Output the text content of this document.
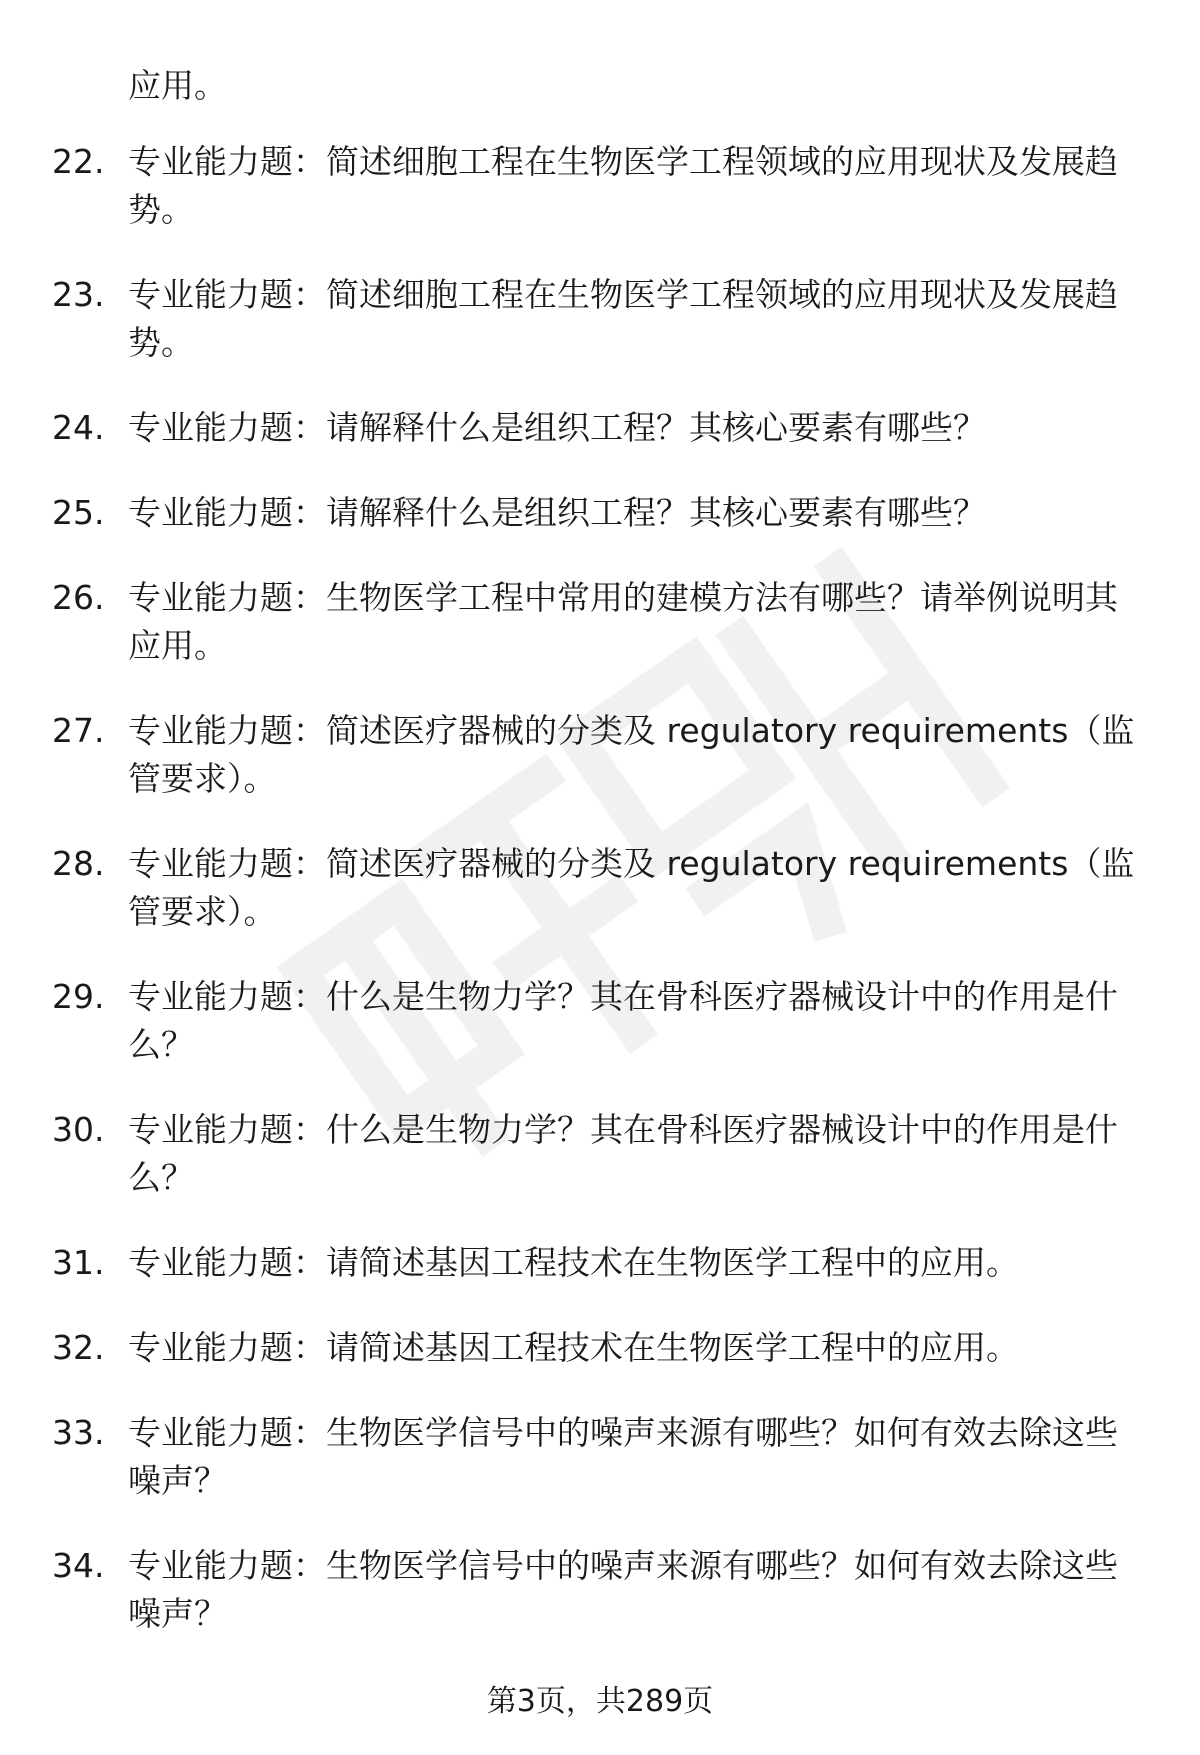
应用。

22. 专业能力题：简述细胞工程在生物医学工程领域的应用现状及发展趋势。
23. 专业能力题：简述细胞工程在生物医学工程领域的应用现状及发展趋势。
24. 专业能力题：请解释什么是组织工程？其核心要素有哪些？
25. 专业能力题：请解释什么是组织工程？其核心要素有哪些？
26. 专业能力题：生物医学工程中常用的建模方法有哪些？请举例说明其应用。
27. 专业能力题：简述医疗器械的分类及 regulatory requirements（监管要求）。
28. 专业能力题：简述医疗器械的分类及 regulatory requirements（监管要求）。
29. 专业能力题：什么是生物力学？其在骨科医疗器械设计中的作用是什么？
30. 专业能力题：什么是生物力学？其在骨科医疗器械设计中的作用是什么？
31. 专业能力题：请简述基因工程技术在生物医学工程中的应用。
32. 专业能力题：请简述基因工程技术在生物医学工程中的应用。
33. 专业能力题：生物医学信号中的噪声来源有哪些？如何有效去除这些噪声？
34. 专业能力题：生物医学信号中的噪声来源有哪些？如何有效去除这些噪声？
第3页，共289页
